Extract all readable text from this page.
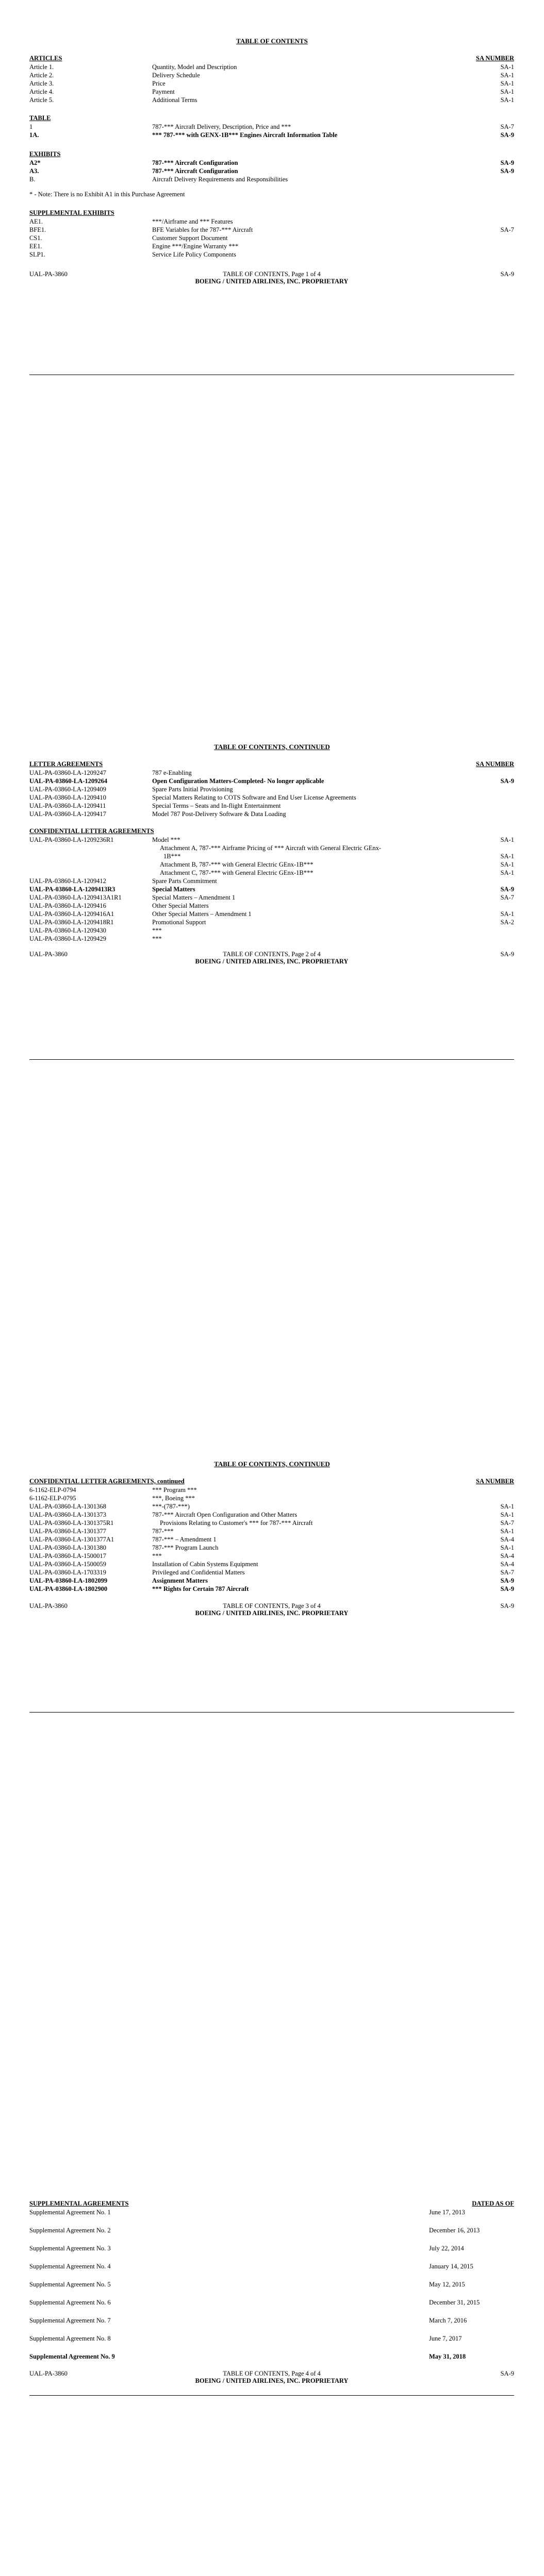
TABLE OF CONTENTS
ARTICLES	SA NUMBER
Article 1.	Quantity, Model and Description	SA-1
Article 2.	Delivery Schedule	SA-1
Article 3.	Price	SA-1
Article 4.	Payment	SA-1
Article 5.	Additional Terms	SA-1
TABLE
1	787-*** Aircraft Delivery, Description, Price and ***	SA-7
1A.	*** 787-*** with GENX-1B*** Engines Aircraft Information Table	SA-9
EXHIBITS
A2*	787-*** Aircraft Configuration	SA-9
A3.	787-*** Aircraft Configuration	SA-9
B.	Aircraft Delivery Requirements and Responsibilities
* - Note: There is no Exhibit A1 in this Purchase Agreement
SUPPLEMENTAL EXHIBITS
AE1.	***/Airframe and *** Features
BFE1.	BFE Variables for the 787-*** Aircraft	SA-7
CS1.	Customer Support Document
EE1.	Engine ***/Engine Warranty ***
SLP1.	Service Life Policy Components
UAL-PA-3860	TABLE OF CONTENTS, Page 1 of 4
BOEING / UNITED AIRLINES, INC. PROPRIETARY
SA-9
TABLE OF CONTENTS, CONTINUED
LETTER AGREEMENTS	SA NUMBER
UAL-PA-03860-LA-1209247	787 e-Enabling
UAL-PA-03860-LA-1209264	Open Configuration Matters-Completed- No longer applicable	SA-9
UAL-PA-03860-LA-1209409	Spare Parts Initial Provisioning
UAL-PA-03860-LA-1209410	Special Matters Relating to COTS Software and End User License Agreements
UAL-PA-03860-LA-1209411	Special Terms – Seats and In-flight Entertainment
UAL-PA-03860-LA-1209417	Model 787 Post-Delivery Software & Data Loading
CONFIDENTIAL LETTER AGREEMENTS
UAL-PA-03860-LA-1209236R1	Model ***	SA-1
Attachment A, 787-*** Airframe Pricing of *** Aircraft with General Electric GEnx-
1B***	SA-1
Attachment B, 787-*** with General Electric GEnx-1B***	SA-1
Attachment C, 787-*** with General Electric GEnx-1B***	SA-1
UAL-PA-03860-LA-1209412	Spare Parts Commitment
UAL-PA-03860-LA-1209413R3	Special Matters	SA-9
UAL-PA-03860-LA-1209413A1R1	Special Matters – Amendment 1	SA-7
UAL-PA-03860-LA-1209416	Other Special Matters
UAL-PA-03860-LA-1209416A1	Other Special Matters – Amendment 1	SA-1
UAL-PA-03860-LA-1209418R1	Promotional Support	SA-2
UAL-PA-03860-LA-1209430	***
UAL-PA-03860-LA-1209429	***
UAL-PA-3860	TABLE OF CONTENTS, Page 2 of 4
BOEING / UNITED AIRLINES, INC. PROPRIETARY
SA-9
TABLE OF CONTENTS, CONTINUED
CONFIDENTIAL LETTER AGREEMENTS, continued	SA NUMBER
6-1162-ELP-0794	*** Program ***
6-1162-ELP-0795	***, Boeing ***
UAL-PA-03860-LA-1301368	***-(787-***)	SA-1
UAL-PA-03860-LA-1301373	787-*** Aircraft Open Configuration and Other Matters	SA-1
UAL-PA-03860-LA-1301375R1	Provisions Relating to Customer's *** for 787-*** Aircraft	SA-7
UAL-PA-03860-LA-1301377	787-***	SA-1
UAL-PA-03860-LA-1301377A1	787-*** – Amendment 1	SA-4
UAL-PA-03860-LA-1301380	787-*** Program Launch	SA-1
UAL-PA-03860-LA-1500017	***	SA-4
UAL-PA-03860-LA-1500059	Installation of Cabin Systems Equipment	SA-4
UAL-PA-03860-LA-1703319	Privileged and Confidential Matters	SA-7
UAL-PA-03860-LA-1802099	Assignment Matters	SA-9
UAL-PA-03860-LA-1802900	*** Rights for Certain 787 Aircraft	SA-9
UAL-PA-3860	TABLE OF CONTENTS, Page 3 of 4
BOEING / UNITED AIRLINES, INC. PROPRIETARY
SA-9
SUPPLEMENTAL AGREEMENTS	DATED AS OF
Supplemental Agreement No. 1	June 17, 2013
Supplemental Agreement No. 2	December 16, 2013
Supplemental Agreement No. 3	July 22, 2014
Supplemental Agreement No. 4	January 14, 2015
Supplemental Agreement No. 5	May 12, 2015
Supplemental Agreement No. 6	December 31, 2015
Supplemental Agreement No. 7	March 7, 2016
Supplemental Agreement No. 8	June 7, 2017
Supplemental Agreement No. 9	May 31, 2018
UAL-PA-3860	TABLE OF CONTENTS, Page 4 of 4
BOEING / UNITED AIRLINES, INC. PROPRIETARY
SA-9
